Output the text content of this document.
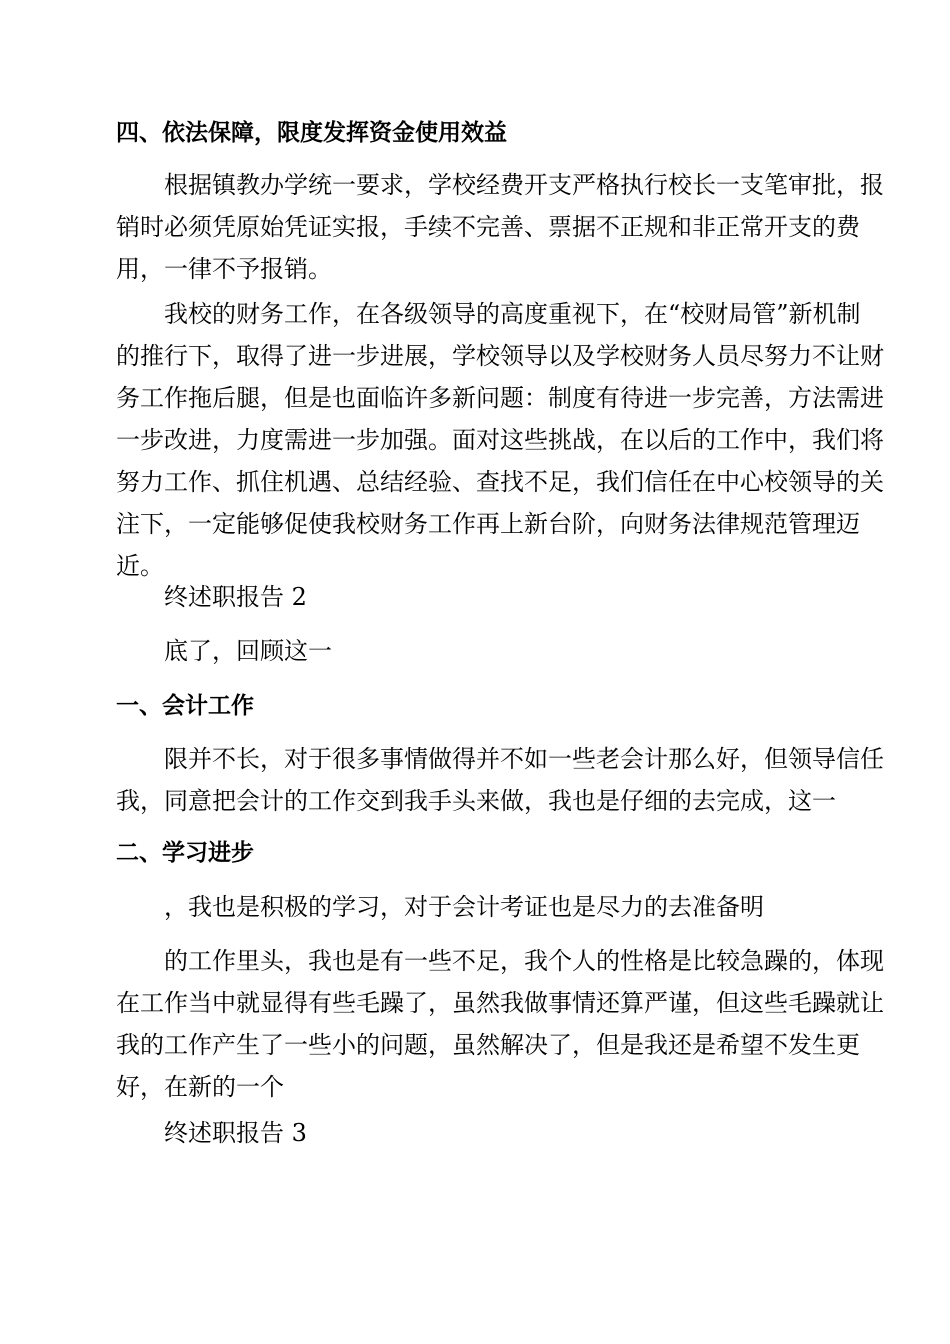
四、依法保障，限度发挥资金使用效益
根据镇教办学统一要求，学校经费开支严格执行校长一支笔审批，报
销时必须凭原始凭证实报，手续不完善、票据不正规和非正常开支的费
用，一律不予报销。
我校的财务工作，在各级领导的高度重视下，在“校财局管”新机制
的推行下，取得了进一步进展，学校领导以及学校财务人员尽努力不让财
务工作拖后腿，但是也面临许多新问题：制度有待进一步完善，方法需进
一步改进，力度需进一步加强。面对这些挑战，在以后的工作中，我们将
努力工作、抓住机遇、总结经验、查找不足，我们信任在中心校领导的关
注下，一定能够促使我校财务工作再上新台阶，向财务法律规范管理迈
近。
终述职报告 2
底了，回顾这一
一、会计工作
限并不长，对于很多事情做得并不如一些老会计那么好，但领导信任
我，同意把会计的工作交到我手头来做，我也是仔细的去完成，这一
二、学习进步
，我也是积极的学习，对于会计考证也是尽力的去准备明
的工作里头，我也是有一些不足，我个人的性格是比较急躁的，体现
在工作当中就显得有些毛躁了，虽然我做事情还算严谨，但这些毛躁就让
我的工作产生了一些小的问题，虽然解决了，但是我还是希望不发生更
好，在新的一个
终述职报告 3
